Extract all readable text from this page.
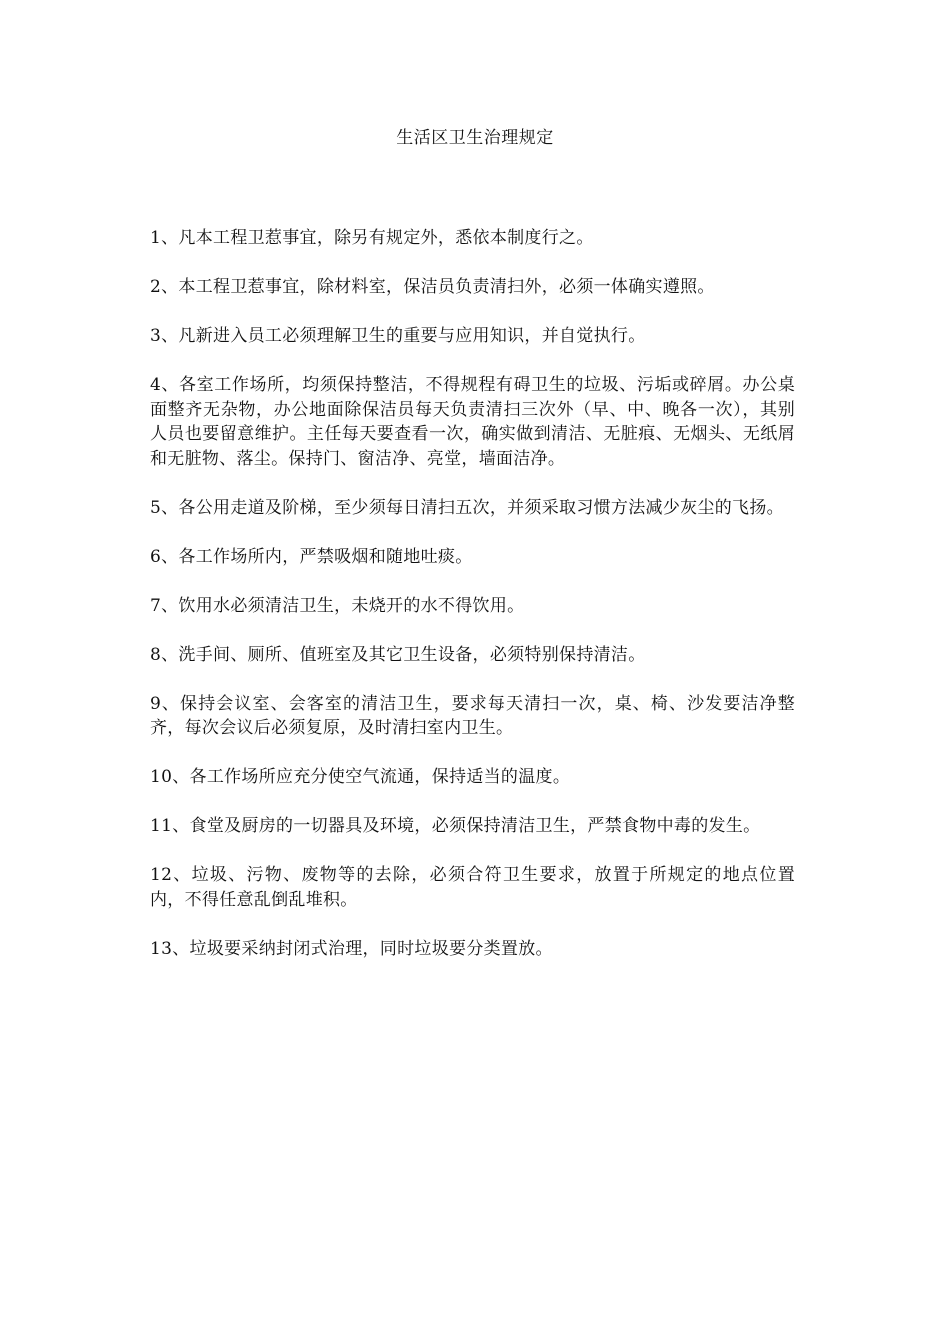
生活区卫生治理规定
1、凡本工程卫惹事宜，除另有规定外，悉依本制度行之。
2、本工程卫惹事宜，除材料室，保洁员负责清扫外，必须一体确实遵照。
3、凡新进入员工必须理解卫生的重要与应用知识，并自觉执行。
4、各室工作场所，均须保持整洁，不得规程有碍卫生的垃圾、污垢或碎屑。办公桌面整齐无杂物，办公地面除保洁员每天负责清扫三次外（早、中、晚各一次），其别人员也要留意维护。主任每天要查看一次，确实做到清洁、无脏痕、无烟头、无纸屑和无脏物、落尘。保持门、窗洁净、亮堂，墙面洁净。
5、各公用走道及阶梯，至少须每日清扫五次，并须采取习惯方法减少灰尘的飞扬。
6、各工作场所内，严禁吸烟和随地吐痰。
7、饮用水必须清洁卫生，未烧开的水不得饮用。
8、洗手间、厕所、值班室及其它卫生设备，必须特别保持清洁。
9、保持会议室、会客室的清洁卫生，要求每天清扫一次，桌、椅、沙发要洁净整齐，每次会议后必须复原，及时清扫室内卫生。
10、各工作场所应充分使空气流通，保持适当的温度。
11、食堂及厨房的一切器具及环境，必须保持清洁卫生，严禁食物中毒的发生。
12、垃圾、污物、废物等的去除，必须合符卫生要求，放置于所规定的地点位置内，不得任意乱倒乱堆积。
13、垃圾要采纳封闭式治理，同时垃圾要分类置放。
